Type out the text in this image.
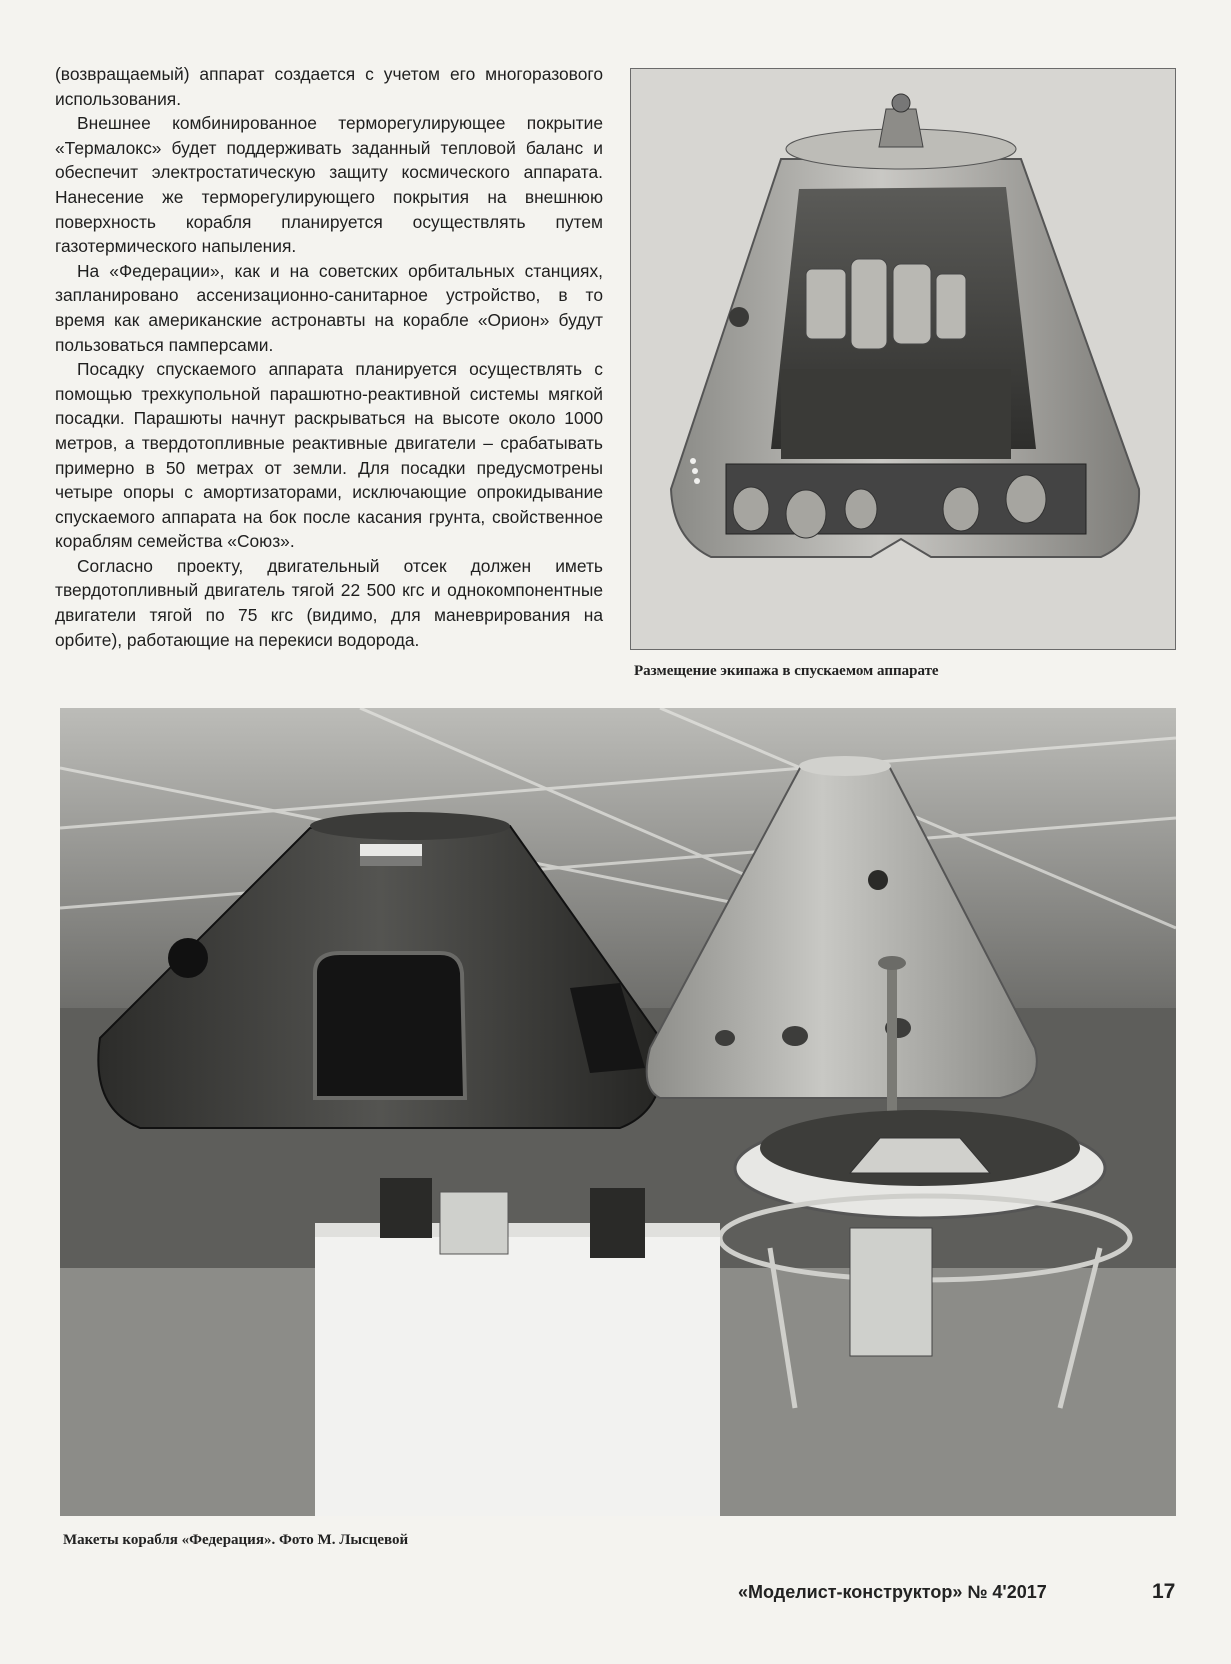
(возвращаемый) аппарат создается с учетом его многоразового использования.

Внешнее комбинированное терморегулирующее покрытие «Термалокс» будет поддерживать заданный тепловой баланс и обеспечит электростатическую защиту космического аппарата. Нанесение же терморегулирующего покрытия на внешнюю поверхность корабля планируется осуществлять путем газотермического напыления.

На «Федерации», как и на советских орбитальных станциях, запланировано ассенизационно-санитарное устройство, в то время как американские астронавты на корабле «Орион» будут пользоваться памперсами.

Посадку спускаемого аппарата планируется осуществлять с помощью трехкупольной парашютно-реактивной системы мягкой посадки. Парашюты начнут раскрываться на высоте около 1000 метров, а твердотопливные реактивные двигатели – срабатывать примерно в 50 метрах от земли. Для посадки предусмотрены четыре опоры с амортизаторами, исключающие опрокидывание спускаемого аппарата на бок после касания грунта, свойственное кораблям семейства «Союз».

Согласно проекту, двигательный отсек должен иметь твердотопливный двигатель тягой 22 500 кгс и однокомпонентные двигатели тягой по 75 кгс (видимо, для маневрирования на орбите), работающие на перекиси водорода.

Размещение экипажа в спускаемом аппарате
Макеты корабля «Федерация». Фото М. Лысцевой
«Моделист-конструктор» № 4'2017	17
